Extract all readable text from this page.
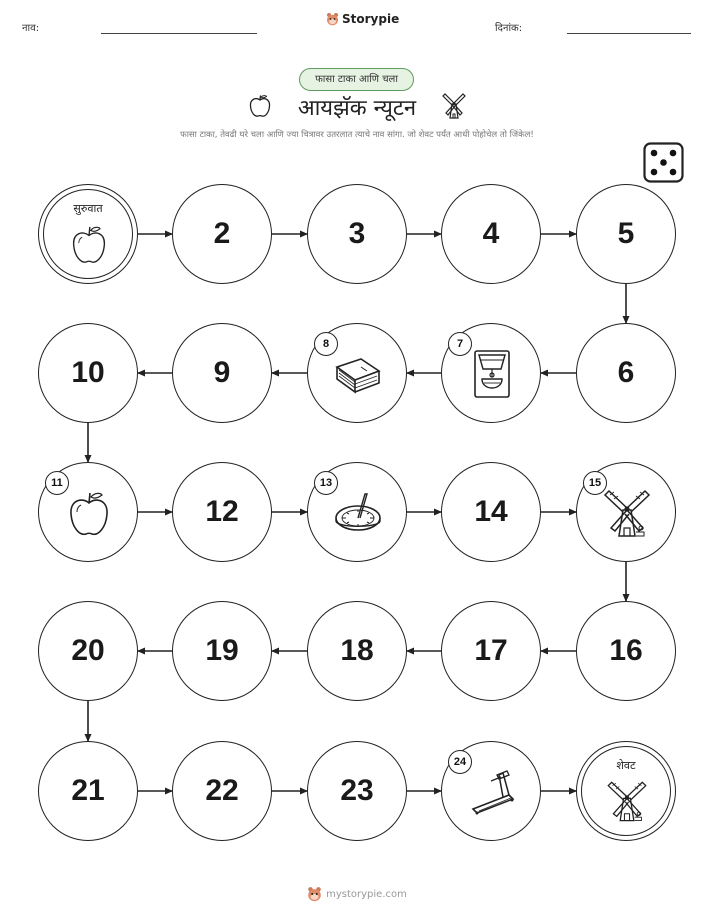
नाव:
Storypie
दिनांक:
फासा टाका आणि चला
आयझॅक न्यूटन
फासा टाका, तेवढी घरे चला आणि ज्या चित्रावर उतरलात त्याचे नाव सांगा. जो शेवट पर्यंत आधी पोहोचेल तो जिंकेल!
सुरुवात
2	3	4	5
6
7
8
9
10
11
12
13
14
15
16
17
18
19
20
21	22	23
24	शेवट
mystorypie.com
